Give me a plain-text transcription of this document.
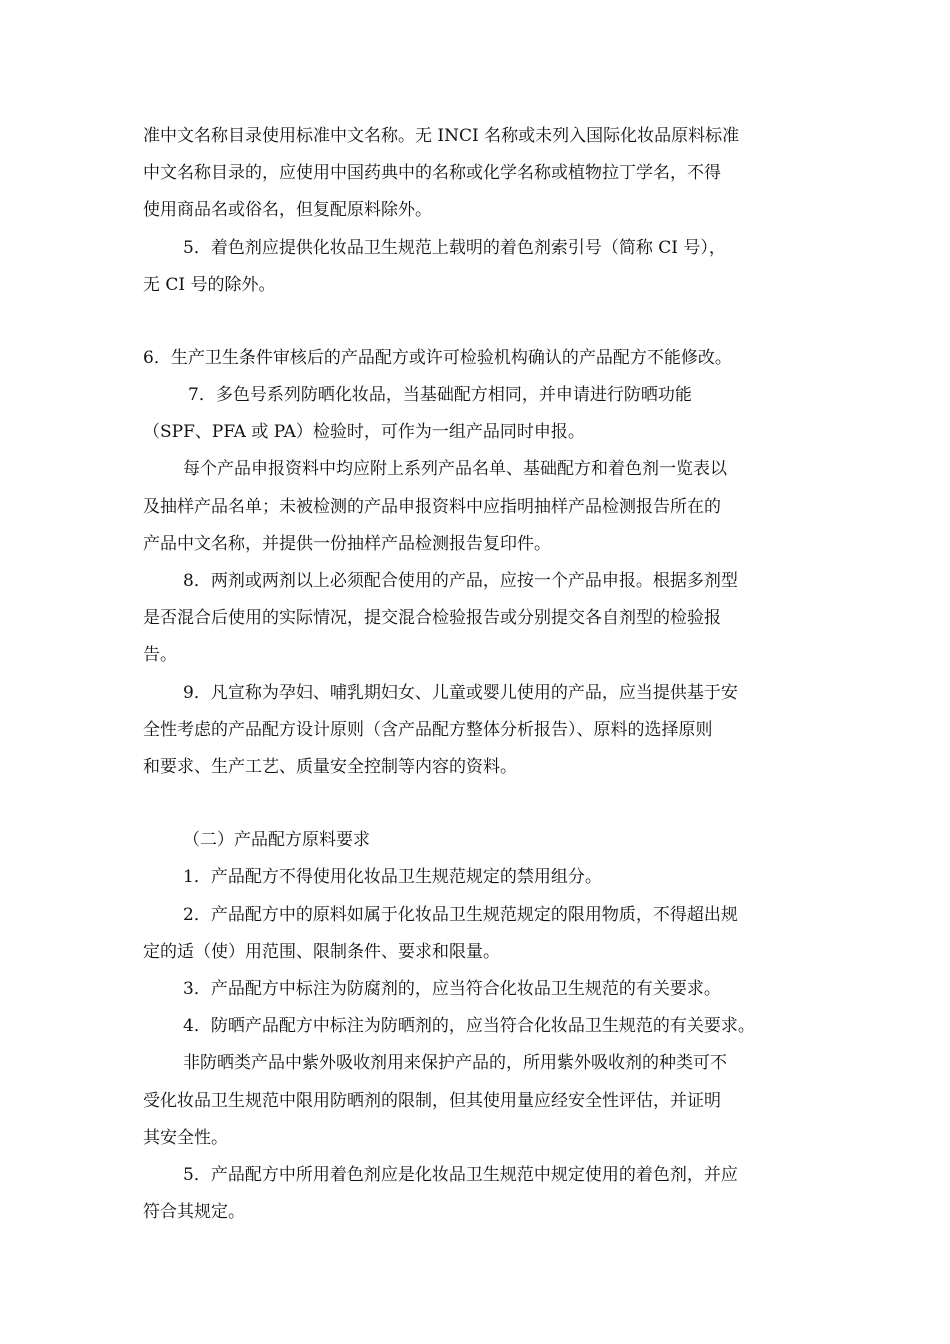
准中文名称目录使用标准中文名称。无 INCI 名称或未列入国际化妆品原料标准
中文名称目录的，应使用中国药典中的名称或化学名称或植物拉丁学名，不得
使用商品名或俗名，但复配原料除外。
5．着色剂应提供化妆品卫生规范上载明的着色剂索引号（简称 CI 号），
无 CI 号的除外。
6．生产卫生条件审核后的产品配方或许可检验机构确认的产品配方不能修改。
7．多色号系列防晒化妆品，当基础配方相同，并申请进行防晒功能
（SPF、PFA 或 PA）检验时，可作为一组产品同时申报。
每个产品申报资料中均应附上系列产品名单、基础配方和着色剂一览表以
及抽样产品名单；未被检测的产品申报资料中应指明抽样产品检测报告所在的
产品中文名称，并提供一份抽样产品检测报告复印件。
8．两剂或两剂以上必须配合使用的产品，应按一个产品申报。根据多剂型
是否混合后使用的实际情况，提交混合检验报告或分别提交各自剂型的检验报
告。
9．凡宣称为孕妇、哺乳期妇女、儿童或婴儿使用的产品，应当提供基于安
全性考虑的产品配方设计原则（含产品配方整体分析报告）、原料的选择原则
和要求、生产工艺、质量安全控制等内容的资料。
（二）产品配方原料要求
1．产品配方不得使用化妆品卫生规范规定的禁用组分。
2．产品配方中的原料如属于化妆品卫生规范规定的限用物质，不得超出规
定的适（使）用范围、限制条件、要求和限量。
3．产品配方中标注为防腐剂的，应当符合化妆品卫生规范的有关要求。
4．防晒产品配方中标注为防晒剂的，应当符合化妆品卫生规范的有关要求。
非防晒类产品中紫外吸收剂用来保护产品的，所用紫外吸收剂的种类可不
受化妆品卫生规范中限用防晒剂的限制，但其使用量应经安全性评估，并证明
其安全性。
5．产品配方中所用着色剂应是化妆品卫生规范中规定使用的着色剂，并应
符合其规定。
